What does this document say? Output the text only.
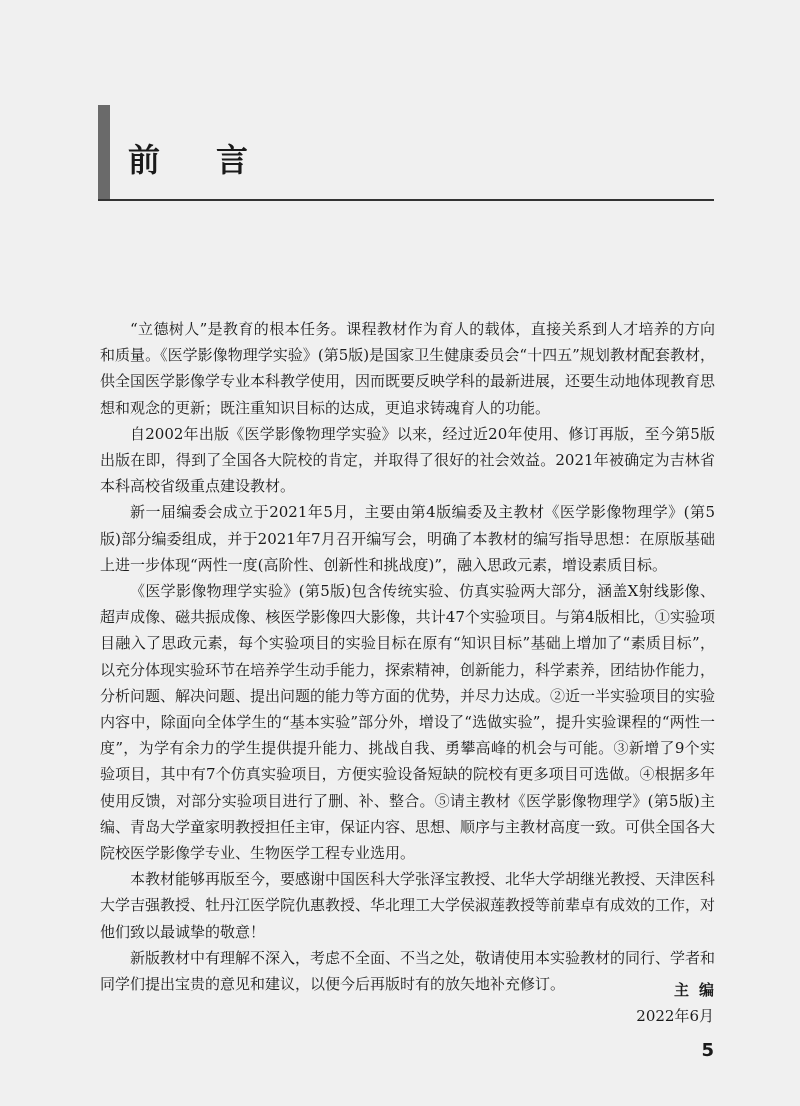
前言

“立德树人”是教育的根本任务。课程教材作为育人的载体，直接关系到人才培养的方向和质量。《医学影像物理学实验》(第5版)是国家卫生健康委员会“十四五”规划教材配套教材，供全国医学影像学专业本科教学使用，因而既要反映学科的最新进展，还要生动地体现教育思想和观念的更新；既注重知识目标的达成，更追求铸魂育人的功能。

自2002年出版《医学影像物理学实验》以来，经过近20年使用、修订再版，至今第5版出版在即，得到了全国各大院校的肯定，并取得了很好的社会效益。2021年被确定为吉林省本科高校省级重点建设教材。

新一届编委会成立于2021年5月，主要由第4版编委及主教材《医学影像物理学》(第5版)部分编委组成，并于2021年7月召开编写会，明确了本教材的编写指导思想：在原版基础上进一步体现“两性一度(高阶性、创新性和挑战度)”，融入思政元素，增设素质目标。

《医学影像物理学实验》(第5版)包含传统实验、仿真实验两大部分，涵盖X射线影像、超声成像、磁共振成像、核医学影像四大影像，共计47个实验项目。与第4版相比，①实验项目融入了思政元素，每个实验项目的实验目标在原有“知识目标”基础上增加了“素质目标”，以充分体现实验环节在培养学生动手能力，探索精神，创新能力，科学素养，团结协作能力，分析问题、解决问题、提出问题的能力等方面的优势，并尽力达成。②近一半实验项目的实验内容中，除面向全体学生的“基本实验”部分外，增设了“选做实验”，提升实验课程的“两性一度”，为学有余力的学生提供提升能力、挑战自我、勇攀高峰的机会与可能。③新增了9个实验项目，其中有7个仿真实验项目，方便实验设备短缺的院校有更多项目可选做。④根据多年使用反馈，对部分实验项目进行了删、补、整合。⑤请主教材《医学影像物理学》(第5版)主编、青岛大学童家明教授担任主审，保证内容、思想、顺序与主教材高度一致。可供全国各大院校医学影像学专业、生物医学工程专业选用。

本教材能够再版至今，要感谢中国医科大学张泽宝教授、北华大学胡继光教授、天津医科大学吉强教授、牡丹江医学院仇惠教授、华北理工大学侯淑莲教授等前辈卓有成效的工作，对他们致以最诚挚的敬意！

新版教材中有理解不深入，考虑不全面、不当之处，敬请使用本实验教材的同行、学者和同学们提出宝贵的意见和建议，以便今后再版时有的放矢地补充修订。	主编
2022年6月
5
